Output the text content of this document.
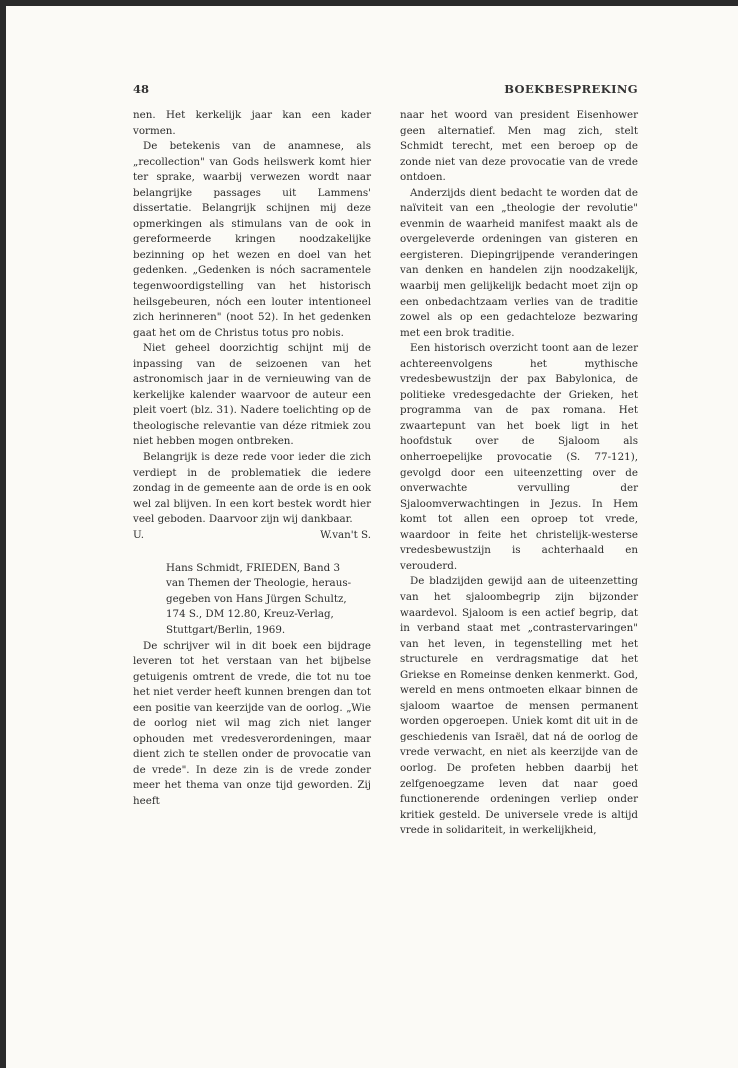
48	BOEKBESPREKING

nen. Het kerkelijk jaar kan een kader vormen.

De betekenis van de anamnese, als „recollection" van Gods heilswerk komt hier ter sprake, waarbij verwezen wordt naar belangrijke passages uit Lammens' dissertatie. Belangrijk schijnen mij deze opmerkingen als stimulans van de ook in gereformeerde kringen noodzakelijke bezinning op het wezen en doel van het gedenken. „Gedenken is nóch sacramentele tegenwoordigstelling van het historisch heilsgebeuren, nóch een louter intentioneel zich herinneren" (noot 52). In het gedenken gaat het om de Christus totus pro nobis.

Niet geheel doorzichtig schijnt mij de inpassing van de seizoenen van het astronomisch jaar in de vernieuwing van de kerkelijke kalender waarvoor de auteur een pleit voert (blz. 31). Nadere toelichting op de theologische relevantie van déze ritmiek zou niet hebben mogen ontbreken.

Belangrijk is deze rede voor ieder die zich verdiept in de problematiek die iedere zondag in de gemeente aan de orde is en ook wel zal blijven. In een kort bestek wordt hier veel geboden. Daarvoor zijn wij dankbaar.

U.	W.van't S.
Hans Schmidt, FRIEDEN, Band 3
van Themen der Theologie, heraus-
gegeben von Hans Jürgen Schultz,
174 S., DM 12.80, Kreuz-Verlag,
Stuttgart/Berlin, 1969.

De schrijver wil in dit boek een bijdrage leveren tot het verstaan van het bijbelse getuigenis omtrent de vrede, die tot nu toe het niet verder heeft kunnen brengen dan tot een positie van keerzijde van de oorlog. „Wie de oorlog niet wil mag zich niet langer ophouden met vredesverordeningen, maar dient zich te stellen onder de provocatie van de vrede". In deze zin is de vrede zonder meer het thema van onze tijd geworden. Zij heeft

naar het woord van president Eisenhower geen alternatief. Men mag zich, stelt Schmidt terecht, met een beroep op de zonde niet van deze provocatie van de vrede ontdoen.

Anderzijds dient bedacht te worden dat de naïviteit van een „theologie der revolutie" evenmin de waarheid manifest maakt als de overgeleverde ordeningen van gisteren en eergisteren. Diepingrijpende veranderingen van denken en handelen zijn noodzakelijk, waarbij men gelijkelijk bedacht moet zijn op een onbedachtzaam verlies van de traditie zowel als op een gedachteloze bezwaring met een brok traditie.

Een historisch overzicht toont aan de lezer achtereenvolgens het mythische vredesbewustzijn der pax Babylonica, de politieke vredesgedachte der Grieken, het programma van de pax romana. Het zwaartepunt van het boek ligt in het hoofdstuk over de Sjaloom als onherroepelijke provocatie (S. 77-121), gevolgd door een uiteenzetting over de onverwachte vervulling der Sjaloomverwachtingen in Jezus. In Hem komt tot allen een oproep tot vrede, waardoor in feite het christelijk-westerse vredesbewustzijn is achterhaald en verouderd.

De bladzijden gewijd aan de uiteenzetting van het sjaloombegrip zijn bijzonder waardevol. Sjaloom is een actief begrip, dat in verband staat met „contrastervaringen" van het leven, in tegenstelling met het structurele en verdragsmatige dat het Griekse en Romeinse denken kenmerkt. God, wereld en mens ontmoeten elkaar binnen de sjaloom waartoe de mensen permanent worden opgeroepen. Uniek komt dit uit in de geschiedenis van Israël, dat ná de oorlog de vrede verwacht, en niet als keerzijde van de oorlog. De profeten hebben daarbij het zelfgenoegzame leven dat naar goed functionerende ordeningen verliep onder kritiek gesteld. De universele vrede is altijd vrede in solidariteit, in werkelijkheid,
